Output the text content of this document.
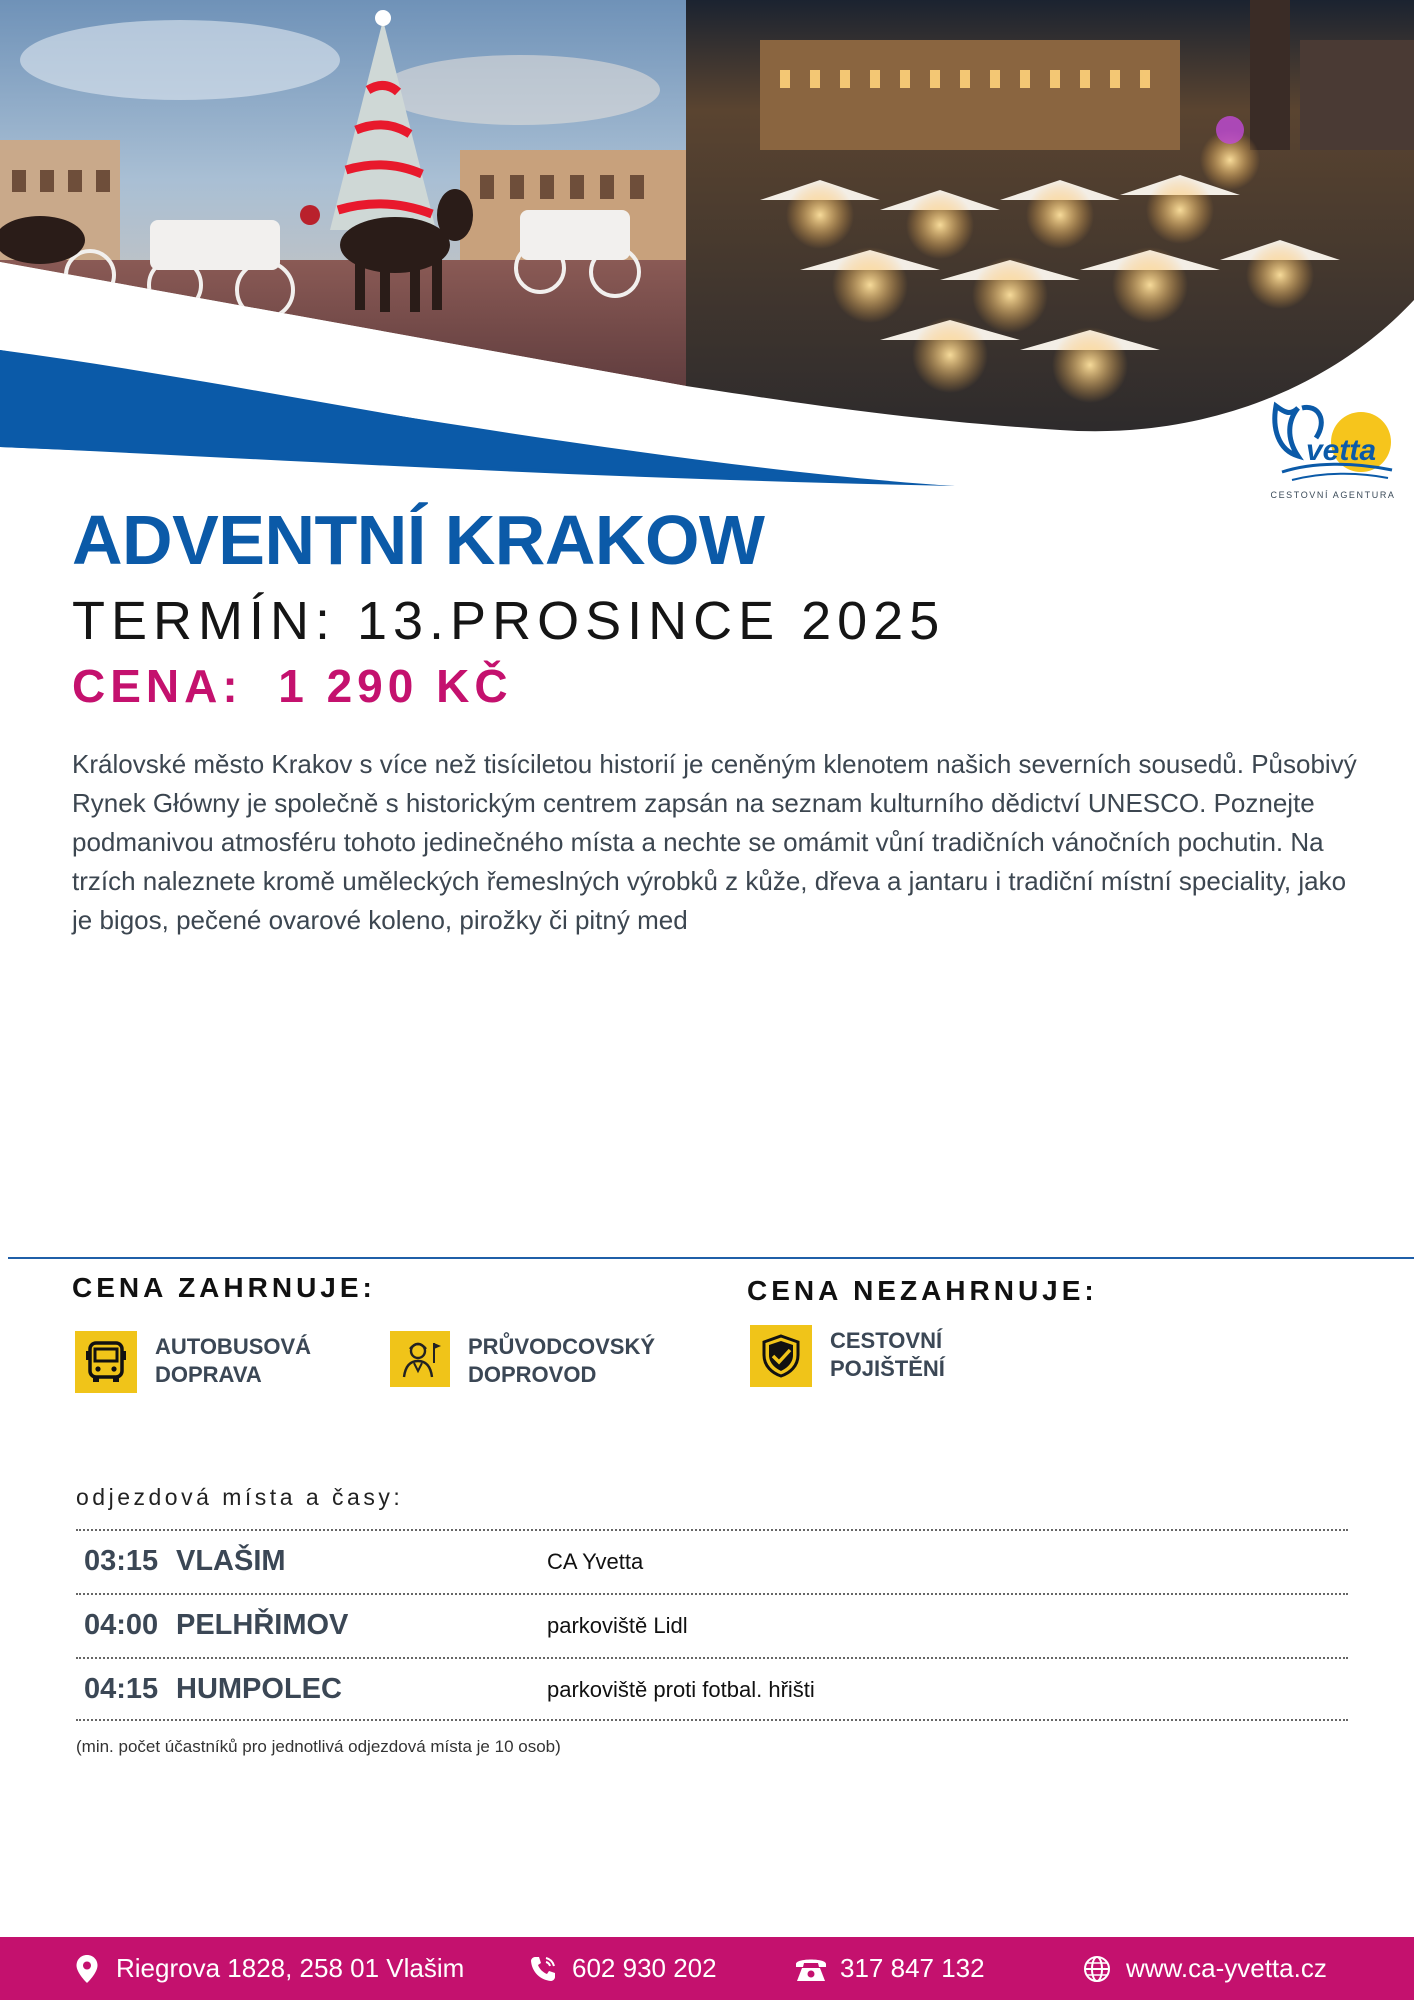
vetta
CESTOVNÍ AGENTURA
ADVENTNÍ KRAKOW
TERMÍN: 13.PROSINCE 2025
CENA:  1 290 KČ

Královské město Krakov s více než tisíciletou historií je ceněným klenotem našich severních sousedů. Působivý Rynek Główny je společně s historickým centrem zapsán na seznam kulturního dědictví UNESCO. Poznejte podmanivou atmosféru tohoto jedinečného místa a nechte se omámit vůní tradičních vánočních pochutin. Na trzích naleznete kromě uměleckých řemeslných výrobků z kůže, dřeva a jantaru i tradiční místní speciality, jako je bigos, pečené ovarové koleno, pirožky či pitný med

CENA ZAHRNUJE:	CENA NEZAHRNUJE:
AUTOBUSOVÁ
DOPRAVA
PRŮVODCOVSKÝ
DOPROVOD
CESTOVNÍ
POJIŠTĚNÍ
odjezdová místa a časy:
03:15 VLAŠIM	CA Yvetta
04:00 PELHŘIMOV	parkoviště Lidl
04:15 HUMPOLEC	parkoviště proti fotbal. hřišti
(min. počet účastníků pro jednotlivá odjezdová místa je 10 osob)
Riegrova 1828, 258 01 Vlašim	602 930 202	317 847 132	www.ca-yvetta.cz
